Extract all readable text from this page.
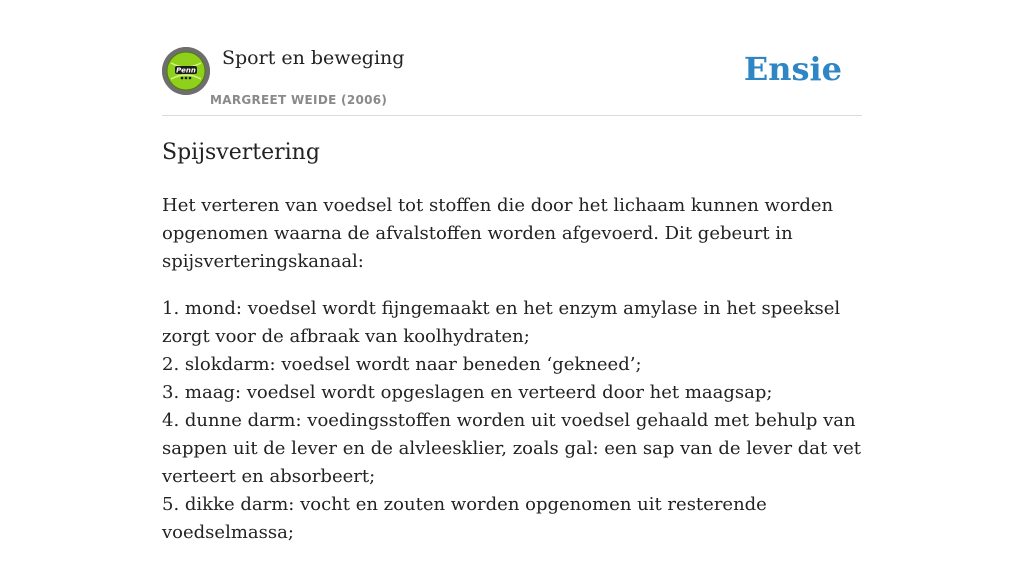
Penn
Sport en beweging
MARGREET WEIDE (2006)
Ensie
Spijsvertering

Het verteren van voedsel tot stoffen die door het lichaam kunnen worden opgenomen waarna de afvalstoffen worden afgevoerd. Dit gebeurt in spijsverteringskanaal:

1. mond: voedsel wordt fijngemaakt en het enzym amylase in het speeksel zorgt voor de afbraak van koolhydraten;
2. slokdarm: voedsel wordt naar beneden ‘gekneed’;
3. maag: voedsel wordt opgeslagen en verteerd door het maagsap;
4. dunne darm: voedingsstoffen worden uit voedsel gehaald met behulp van sappen uit de lever en de alvleesklier, zoals gal: een sap van de lever dat vet verteert en absorbeert;
5. dikke darm: vocht en zouten worden opgenomen uit resterende voedselmassa;
